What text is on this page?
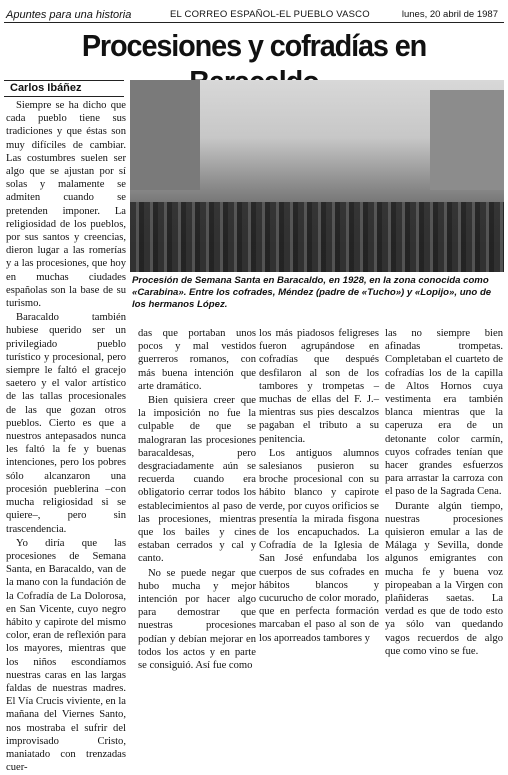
Apuntes para una historia	EL CORREO ESPAÑOL-EL PUEBLO VASCO	lunes, 20 abril de 1987
Procesiones y cofradías en
Carlos Ibáñez
Procesión de Semana Santa en Baracaldo, en 1928, en la zona conocida como «Carabina». Entre los cofrades, Méndez (padre de «Tucho») y «Lopijo», uno de los hermanos López.

Siempre se ha dicho que cada pueblo tiene sus tradiciones y que éstas son muy difíciles de cambiar. Las costumbres suelen ser algo que se ajustan por sí solas y malamente se admiten cuando se pretenden imponer. La religiosidad de los pueblos, por sus santos y creencias, dieron lugar a las romerías y a las procesiones, que hoy en muchas ciudades españolas son la base de su turismo.

Baracaldo también hubiese querido ser un privilegiado pueblo turístico y procesional, pero siempre le faltó el gracejo saetero y el valor artístico de las tallas procesionales de las que gozan otros pueblos. Cierto es que a nuestros antepasados nunca les faltó la fe y buenas intenciones, pero los pobres sólo alcanzaron una procesión pueblerina –con mucha religiosidad si se quiere–, pero sin trascendencia.

Yo diría que las procesiones de Semana Santa, en Baracaldo, van de la mano con la fundación de la Cofradía de La Dolorosa, en San Vicente, cuyo negro hábito y capirote del mismo color, eran de reflexión para los mayores, mientras que los niños escondíamos nuestras caras en las largas faldas de nuestras madres. El Vía Crucis viviente, en la mañana del Viernes Santo, nos mostraba el sufrir del improvisado Cristo, maniatado con trenzadas cuer-

das que portaban unos pocos y mal vestidos guerreros romanos, con más buena intención que arte dramático.

Bien quisiera creer que la imposición no fue la culpable de que se malograran las procesiones baracaldesas, pero desgraciadamente aún se recuerda cuando era obligatorio cerrar todos los establecimientos al paso de las procesiones, mientras que los bailes y cines estaban cerrados y cal y canto.

No se puede negar que hubo mucha y mejor intención por hacer algo para demostrar que nuestras procesiones podían y debían mejorar en todos los actos y en parte se consiguió. Así fue como

los más piadosos feligreses fueron agrupándose en cofradías que después desfilaron al son de los tambores y trompetas –muchas de ellas del F. J.– mientras sus pies descalzos pagaban el tributo a su penitencia.

Los antiguos alumnos salesianos pusieron su broche procesional con su hábito blanco y capirote verde, por cuyos orificios se presentía la mirada fisgona de los encapuchados. La Cofradía de la Iglesia de San José enfundaba los cuerpos de sus cofrades en hábitos blancos y cucurucho de color morado, que en perfecta formación marcaban el paso al son de los aporreados tambores y

las no siempre bien afinadas trompetas. Completaban el cuarteto de cofradías los de la capilla de Altos Hornos cuya vestimenta era también blanca mientras que la caperuza era de un detonante color carmín, cuyos cofrades tenían que hacer grandes esfuerzos para arrastar la carroza con el paso de la Sagrada Cena.

Durante algún tiempo, nuestras procesiones quisieron emular a las de Málaga y Sevilla, donde algunos emigrantes con mucha fe y buena voz piropeaban a la Virgen con plañideras saetas. La verdad es que de todo esto ya sólo van quedando vagos recuerdos de algo que como vino se fue.
